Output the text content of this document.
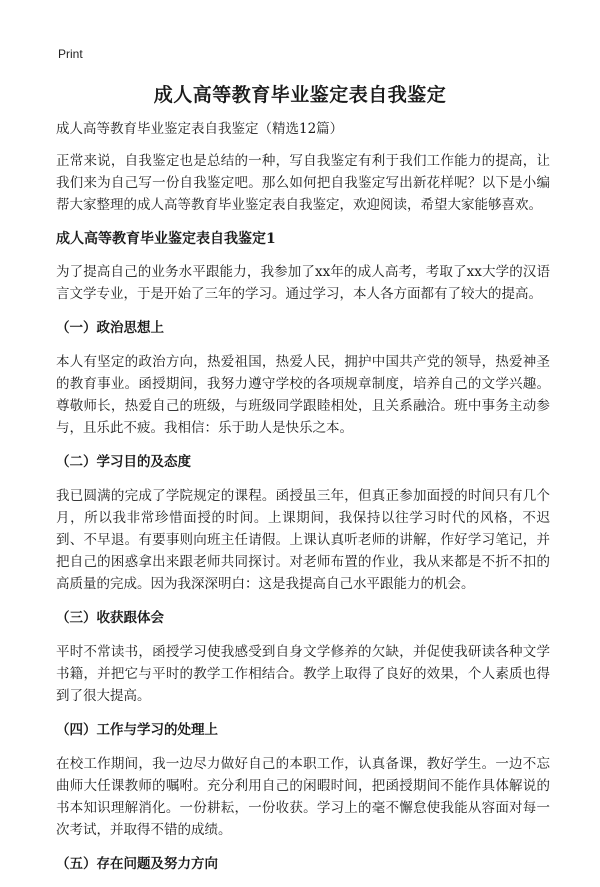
Print
成人高等教育毕业鉴定表自我鉴定

成人高等教育毕业鉴定表自我鉴定（精选12篇）

正常来说，自我鉴定也是总结的一种，写自我鉴定有利于我们工作能力的提高，让我们来为自己写一份自我鉴定吧。那么如何把自我鉴定写出新花样呢？以下是小编帮大家整理的成人高等教育毕业鉴定表自我鉴定，欢迎阅读，希望大家能够喜欢。

成人高等教育毕业鉴定表自我鉴定1

为了提高自己的业务水平跟能力，我参加了xx年的成人高考，考取了xx大学的汉语言文学专业，于是开始了三年的学习。通过学习，本人各方面都有了较大的提高。

（一）政治思想上

本人有坚定的政治方向，热爱祖国，热爱人民，拥护中国共产党的领导，热爱神圣的教育事业。函授期间，我努力遵守学校的各项规章制度，培养自己的文学兴趣。尊敬师长，热爱自己的班级，与班级同学跟睦相处，且关系融洽。班中事务主动参与，且乐此不疲。我相信：乐于助人是快乐之本。

（二）学习目的及态度

我已圆满的完成了学院规定的课程。函授虽三年，但真正参加面授的时间只有几个月，所以我非常珍惜面授的时间。上课期间，我保持以往学习时代的风格，不迟到、不早退。有要事则向班主任请假。上课认真听老师的讲解，作好学习笔记，并把自己的困惑拿出来跟老师共同探讨。对老师布置的作业，我从来都是不折不扣的高质量的完成。因为我深深明白：这是我提高自己水平跟能力的机会。

（三）收获跟体会

平时不常读书，函授学习使我感受到自身文学修养的欠缺，并促使我研读各种文学书籍，并把它与平时的教学工作相结合。教学上取得了良好的效果，个人素质也得到了很大提高。

（四）工作与学习的处理上

在校工作期间，我一边尽力做好自己的本职工作，认真备课，教好学生。一边不忘曲师大任课教师的嘱咐。充分利用自己的闲暇时间，把函授期间不能作具体解说的书本知识理解消化。一份耕耘，一份收获。学习上的毫不懈怠使我能从容面对每一次考试，并取得不错的成绩。

（五）存在问题及努力方向
